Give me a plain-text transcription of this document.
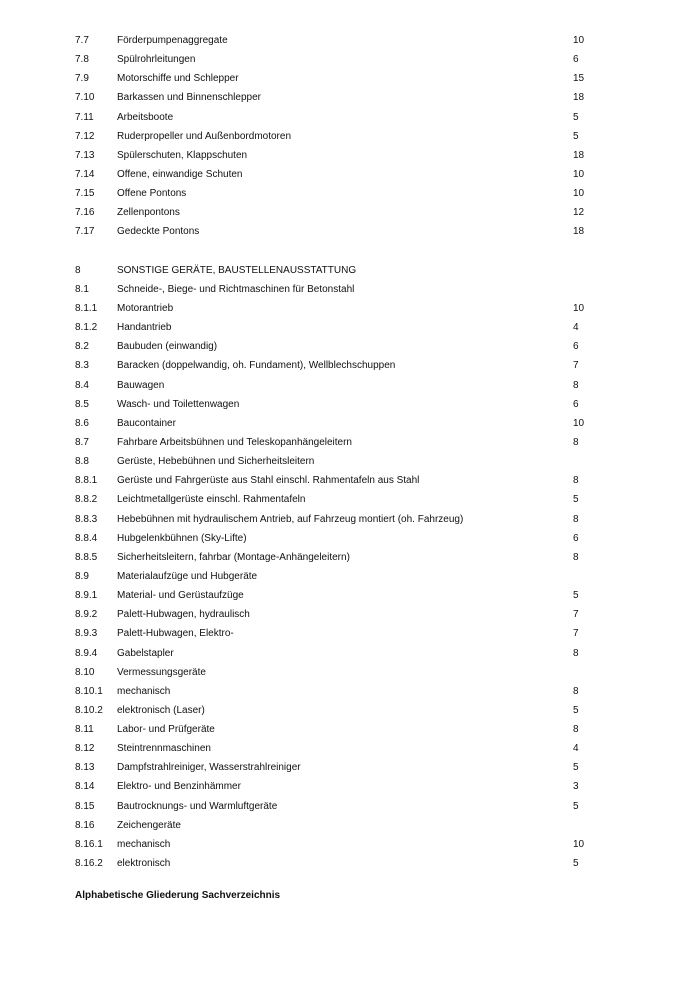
7.7	Förderpumpenaggregate	10
7.8	Spülrohrleitungen	6
7.9	Motorschiffe und Schlepper	15
7.10 Barkassen und Binnenschlepper	18
7.11 Arbeitsboote	5
7.12 Ruderpropeller und Außenbordmotoren	5
7.13 Spülerschuten, Klappschuten	18
7.14 Offene, einwandige Schuten	10
7.15 Offene Pontons	10
7.16 Zellenpontons	12
7.17 Gedeckte Pontons	18
8	SONSTIGE GERÄTE, BAUSTELLENAUSSTATTUNG
8.1	Schneide-, Biege- und Richtmaschinen für Betonstahl
8.1.1 Motorantrieb	10
8.1.2 Handantrieb	4
8.2	Baubuden (einwandig)	6
8.3	Baracken (doppelwandig, oh. Fundament), Wellblechschuppen	7
8.4	Bauwagen	8
8.5	Wasch- und Toilettenwagen	6
8.6	Baucontainer	10
8.7	Fahrbare Arbeitsbühnen und Teleskopanhängeleitern	8
8.8	Gerüste, Hebebühnen und Sicherheitsleitern
8.8.1 Gerüste und Fahrgerüste aus Stahl einschl. Rahmentafeln aus Stahl	8
8.8.2 Leichtmetallgerüste einschl. Rahmentafeln	5
8.8.3 Hebebühnen mit hydraulischem Antrieb, auf Fahrzeug montiert (oh. Fahrzeug)	8
8.8.4 Hubgelenkbühnen (Sky-Lifte)	6
8.8.5 Sicherheitsleitern, fahrbar (Montage-Anhängeleitern)	8
8.9	Materialaufzüge und Hubgeräte
8.9.1 Material- und Gerüstaufzüge	5
8.9.2 Palett-Hubwagen, hydraulisch	7
8.9.3 Palett-Hubwagen, Elektro-	7
8.9.4 Gabelstapler	8
8.10 Vermessungsgeräte
8.10.1 mechanisch	8
8.10.2 elektronisch (Laser)	5
8.11 Labor- und Prüfgeräte	8
8.12 Steintrennmaschinen	4
8.13 Dampfstrahlreiniger, Wasserstrahlreiniger	5
8.14 Elektro- und Benzinhämmer	3
8.15 Bautrocknungs- und Warmluftgeräte	5
8.16 Zeichengeräte
8.16.1 mechanisch	10
8.16.2 elektronisch	5
Alphabetische Gliederung Sachverzeichnis
